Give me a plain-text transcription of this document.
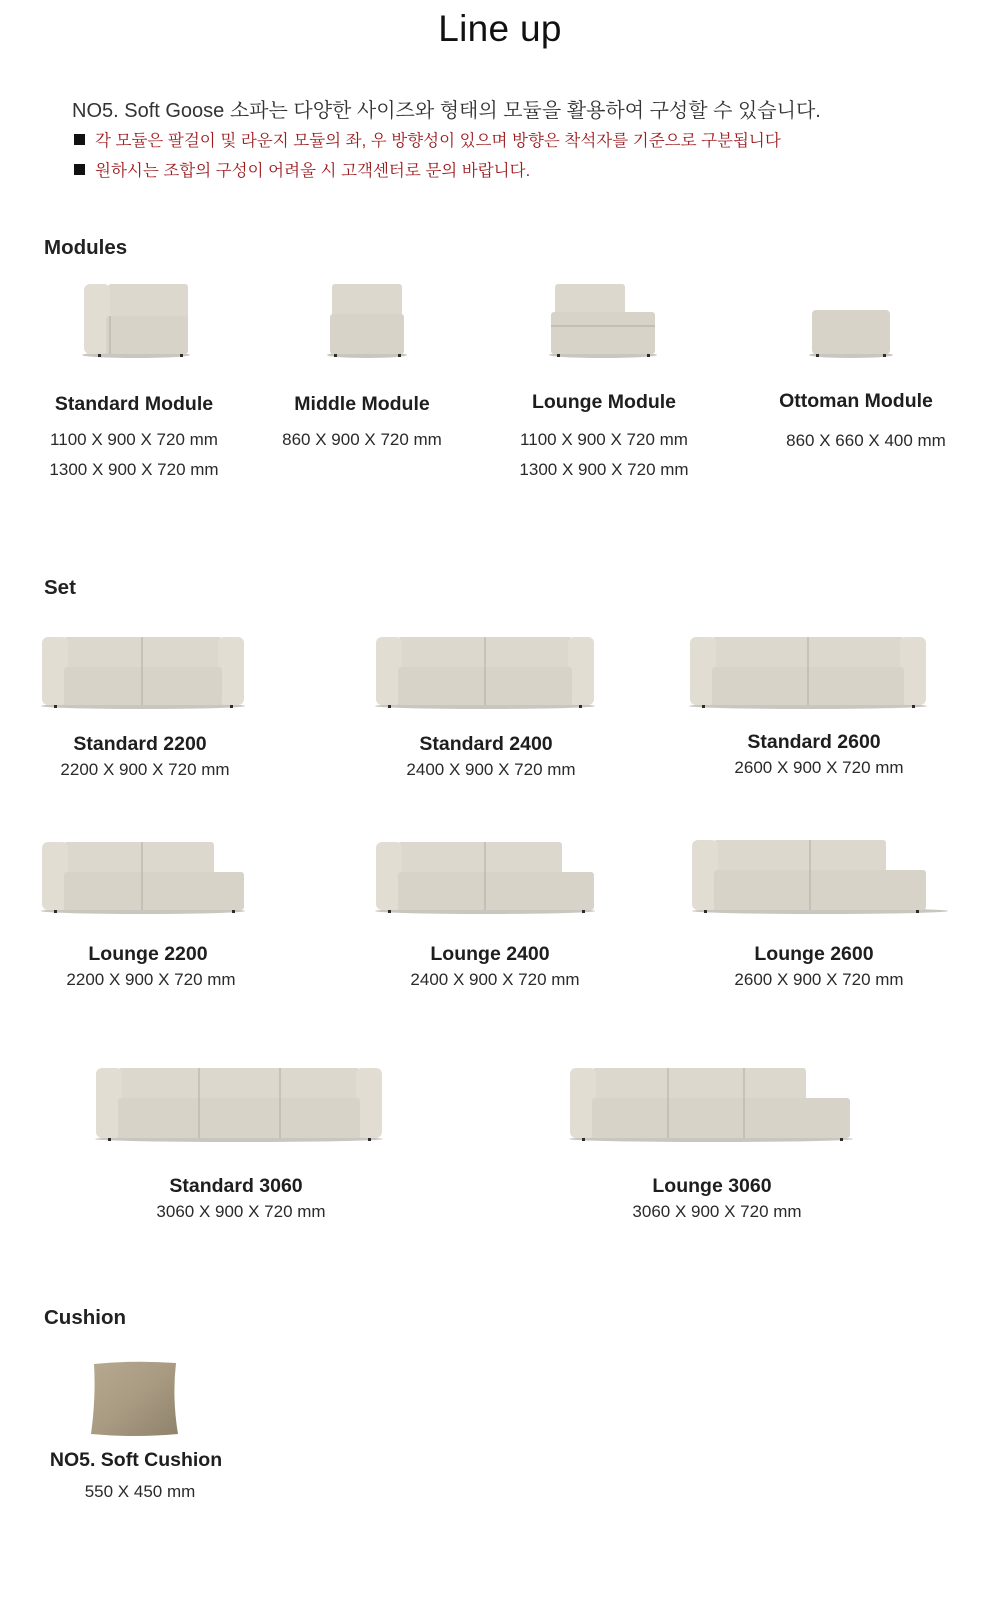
Line up
NO5. Soft Goose 소파는 다양한 사이즈와 형태의 모듈을 활용하여 구성할 수 있습니다.
각 모듈은 팔걸이 및 라운지 모듈의 좌, 우 방향성이 있으며 방향은 착석자를 기준으로 구분됩니다
원하시는 조합의 구성이 어려울 시 고객센터로 문의 바랍니다.
Modules
Standard Module
1100 X 900 X 720 mm
1300 X 900 X 720 mm
Middle Module
860 X 900 X 720 mm
Lounge Module
1100 X 900 X 720 mm
1300 X 900 X 720 mm
Ottoman Module
860 X 660 X 400 mm
Set
Standard 2200
2200 X 900 X 720 mm
Standard 2400
2400 X 900 X 720 mm
Standard 2600
2600 X 900 X 720 mm
Lounge 2200
2200 X 900 X 720 mm
Lounge 2400
2400 X 900 X 720 mm
Lounge 2600
2600 X 900 X 720 mm
Standard 3060
3060 X 900 X 720 mm
Lounge 3060
3060 X 900 X 720 mm
Cushion
NO5. Soft Cushion
550 X 450 mm
